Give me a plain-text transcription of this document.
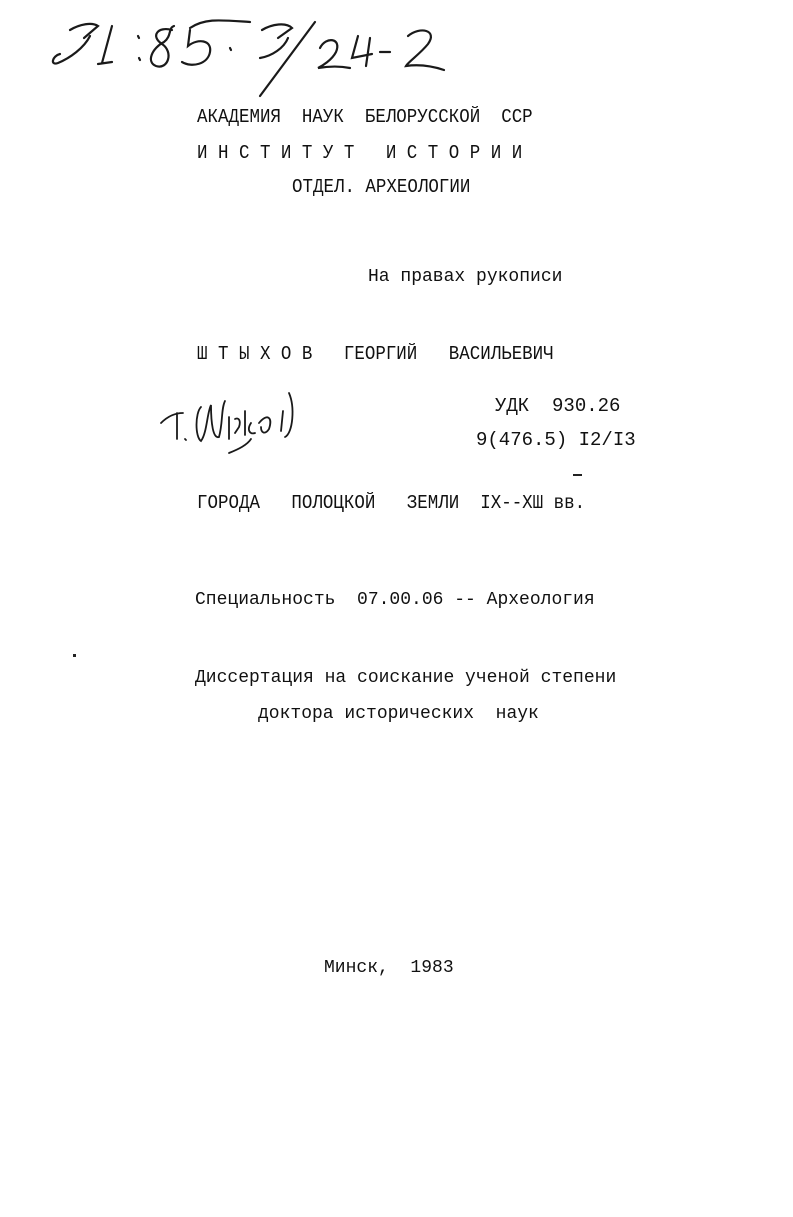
АКАДЕМИЯ  НАУК  БЕЛОРУССКОЙ  ССР
И Н С Т И Т У Т   И С Т О Р И И
ОТДЕЛ. АРХЕОЛОГИИ
На правах рукописи
Ш Т Ы Х О В   ГЕОРГИЙ   ВАСИЛЬЕВИЧ
УДК  930.26
9(476.5) I2/I3
ГОРОДА   ПОЛОЦКОЙ   ЗЕМЛИ  IX--XШ вв.
Специальность  07.00.06 -- Археология
Диссертация на соискание ученой степени
доктора исторических  наук
Минск,  1983
